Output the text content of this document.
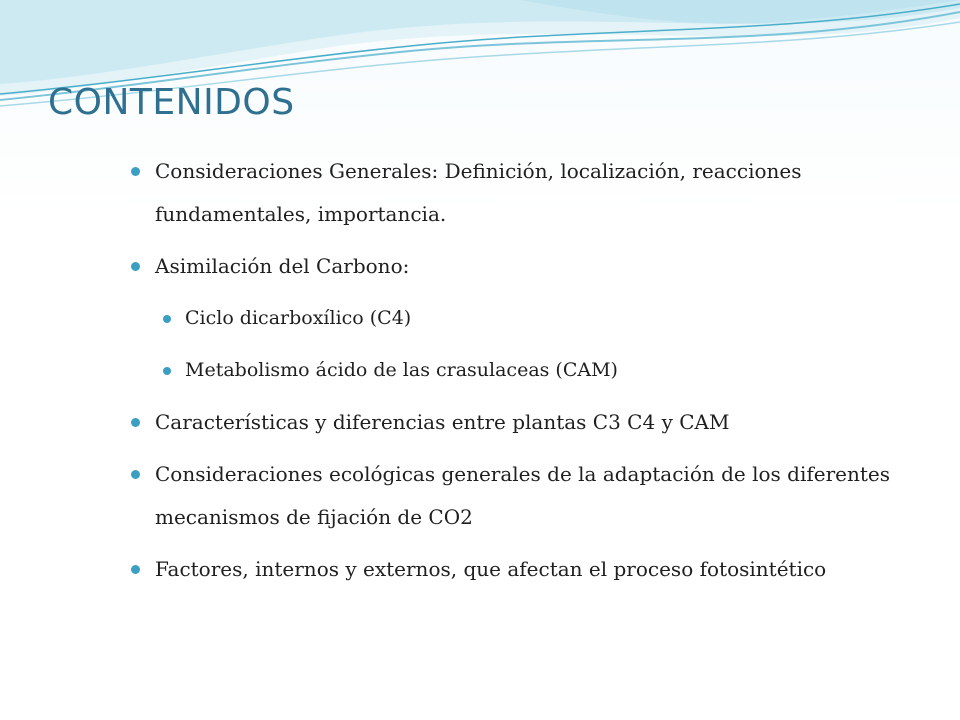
CONTENIDOS
Consideraciones Generales: Definición, localización, reacciones fundamentales, importancia.
Asimilación del Carbono:
Ciclo dicarboxílico (C4)
Metabolismo ácido de las crasulaceas (CAM)
Características y diferencias entre plantas C3 C4 y CAM
Consideraciones ecológicas generales de la adaptación de los diferentes mecanismos de fijación de CO2
Factores, internos y externos, que afectan el proceso fotosintético
